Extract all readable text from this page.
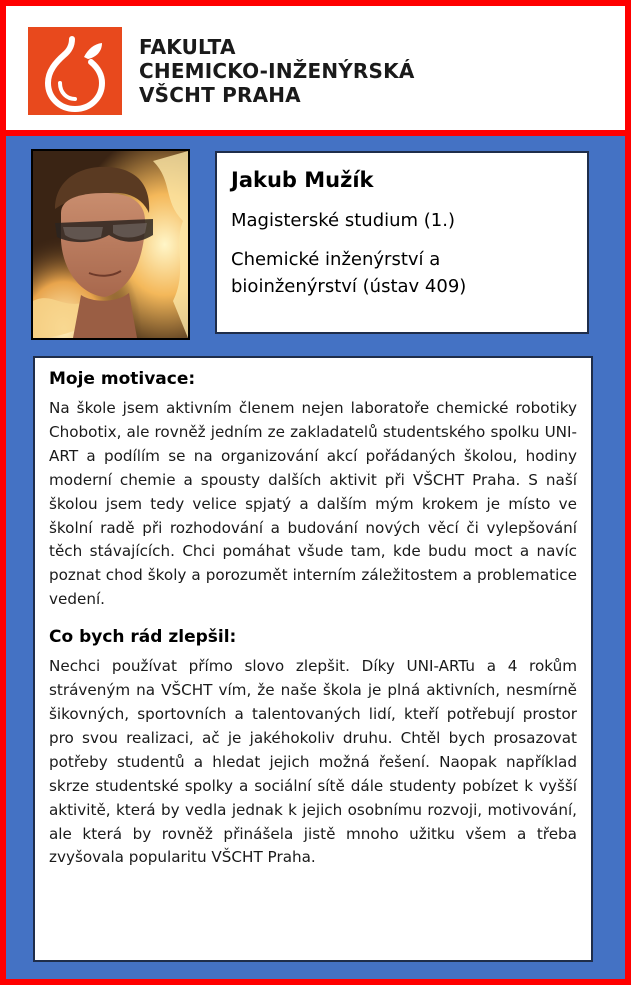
FAKULTA
CHEMICKO-INŽENÝRSKÁ
VŠCHT PRAHA
Jakub Mužík
Magisterské studium (1.)
Chemické inženýrství a
bioinženýrství (ústav 409)
Moje motivace:

Na škole jsem aktivním členem nejen laboratoře chemické robotiky Chobotix, ale rovněž jedním ze zakladatelů studentského spolku UNI-ART a podílím se na organizování akcí pořádaných školou, hodiny moderní chemie a spousty dalších aktivit při VŠCHT Praha. S naší školou jsem tedy velice spjatý a dalším mým krokem je místo ve školní radě při rozhodování a budování nových věcí či vylepšování těch stávajících. Chci pomáhat všude tam, kde budu moct a navíc poznat chod školy a porozumět interním záležitostem a problematice vedení.

Co bych rád zlepšil:

Nechci používat přímo slovo zlepšit. Díky UNI-ARTu a 4 rokům stráveným na VŠCHT vím, že naše škola je plná aktivních, nesmírně šikovných, sportovních a talentovaných lidí, kteří potřebují prostor pro svou realizaci, ač je jakéhokoliv druhu. Chtěl bych prosazovat potřeby studentů a hledat jejich možná řešení. Naopak například skrze studentské spolky a sociální sítě dále studenty pobízet k vyšší aktivitě, která by vedla jednak k jejich osobnímu rozvoji, motivování, ale která by rovněž přinášela jistě mnoho užitku všem a třeba zvyšovala popularitu VŠCHT Praha.
